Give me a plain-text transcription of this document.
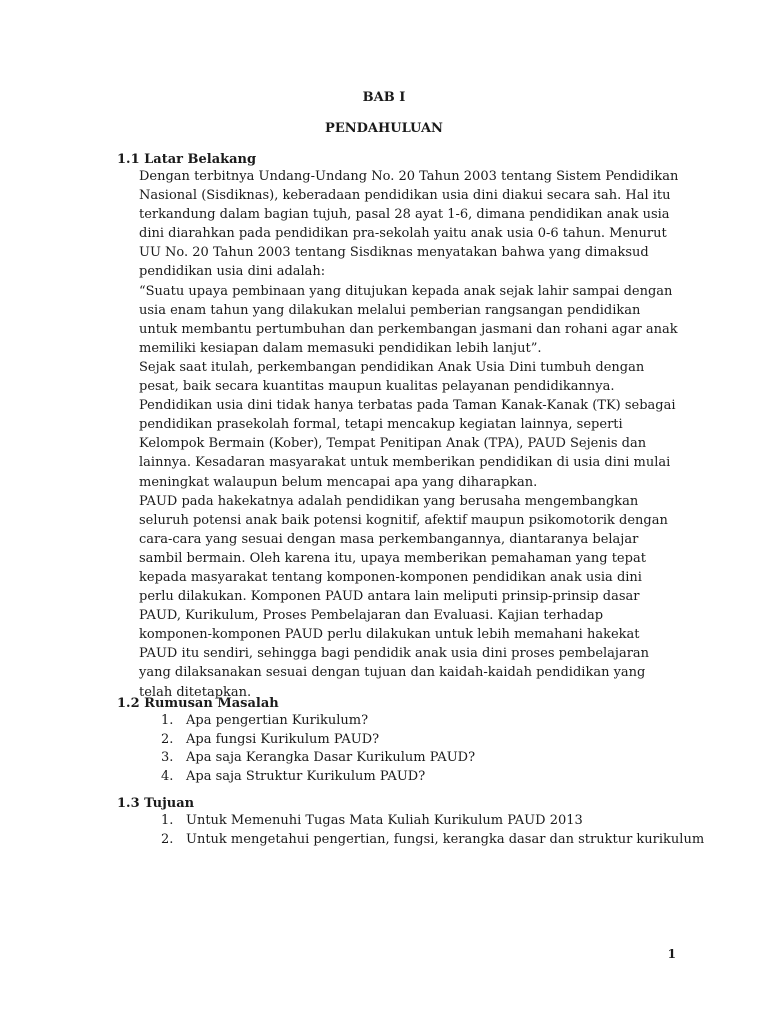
BAB I
PENDAHULUAN
1.1 Latar Belakang

Dengan terbitnya Undang-Undang No. 20 Tahun 2003 tentang Sistem Pendidikan Nasional (Sisdiknas), keberadaan pendidikan usia dini diakui secara sah. Hal itu terkandung dalam bagian tujuh, pasal 28 ayat 1-6, dimana pendidikan anak usia dini diarahkan pada pendidikan pra-sekolah yaitu anak usia 0-6 tahun. Menurut UU No. 20 Tahun 2003 tentang Sisdiknas menyatakan bahwa yang dimaksud pendidikan usia dini adalah:

“Suatu upaya pembinaan yang ditujukan kepada anak sejak lahir sampai dengan usia enam tahun yang dilakukan melalui pemberian rangsangan pendidikan untuk membantu pertumbuhan dan perkembangan jasmani dan rohani agar anak memiliki kesiapan dalam memasuki pendidikan lebih lanjut”.

Sejak saat itulah, perkembangan pendidikan Anak Usia Dini tumbuh dengan pesat, baik secara kuantitas maupun kualitas pelayanan pendidikannya. Pendidikan usia dini tidak hanya terbatas pada Taman Kanak-Kanak (TK) sebagai pendidikan prasekolah formal, tetapi mencakup kegiatan lainnya, seperti Kelompok Bermain (Kober), Tempat Penitipan Anak (TPA), PAUD Sejenis dan lainnya. Kesadaran masyarakat untuk memberikan pendidikan di usia dini mulai meningkat walaupun belum mencapai apa yang diharapkan.

PAUD pada hakekatnya adalah pendidikan yang berusaha mengembangkan seluruh potensi anak baik potensi kognitif, afektif maupun psikomotorik dengan cara-cara yang sesuai dengan masa perkembangannya, diantaranya belajar sambil bermain. Oleh karena itu, upaya memberikan pemahaman yang tepat kepada masyarakat tentang komponen-komponen pendidikan anak usia dini perlu dilakukan. Komponen PAUD antara lain meliputi prinsip-prinsip dasar PAUD, Kurikulum, Proses Pembelajaran dan Evaluasi. Kajian terhadap komponen-komponen PAUD perlu dilakukan untuk lebih memahani hakekat PAUD itu sendiri, sehingga bagi pendidik anak usia dini proses pembelajaran yang dilaksanakan sesuai dengan tujuan dan kaidah-kaidah pendidikan yang telah ditetapkan.

1.2 Rumusan Masalah
1. Apa pengertian Kurikulum?
2. Apa fungsi Kurikulum PAUD?
3. Apa saja Kerangka Dasar Kurikulum PAUD?
4. Apa saja Struktur Kurikulum PAUD?
1.3 Tujuan
1. Untuk Memenuhi Tugas Mata Kuliah Kurikulum PAUD 2013
2. Untuk mengetahui pengertian, fungsi, kerangka dasar dan struktur kurikulum
1
